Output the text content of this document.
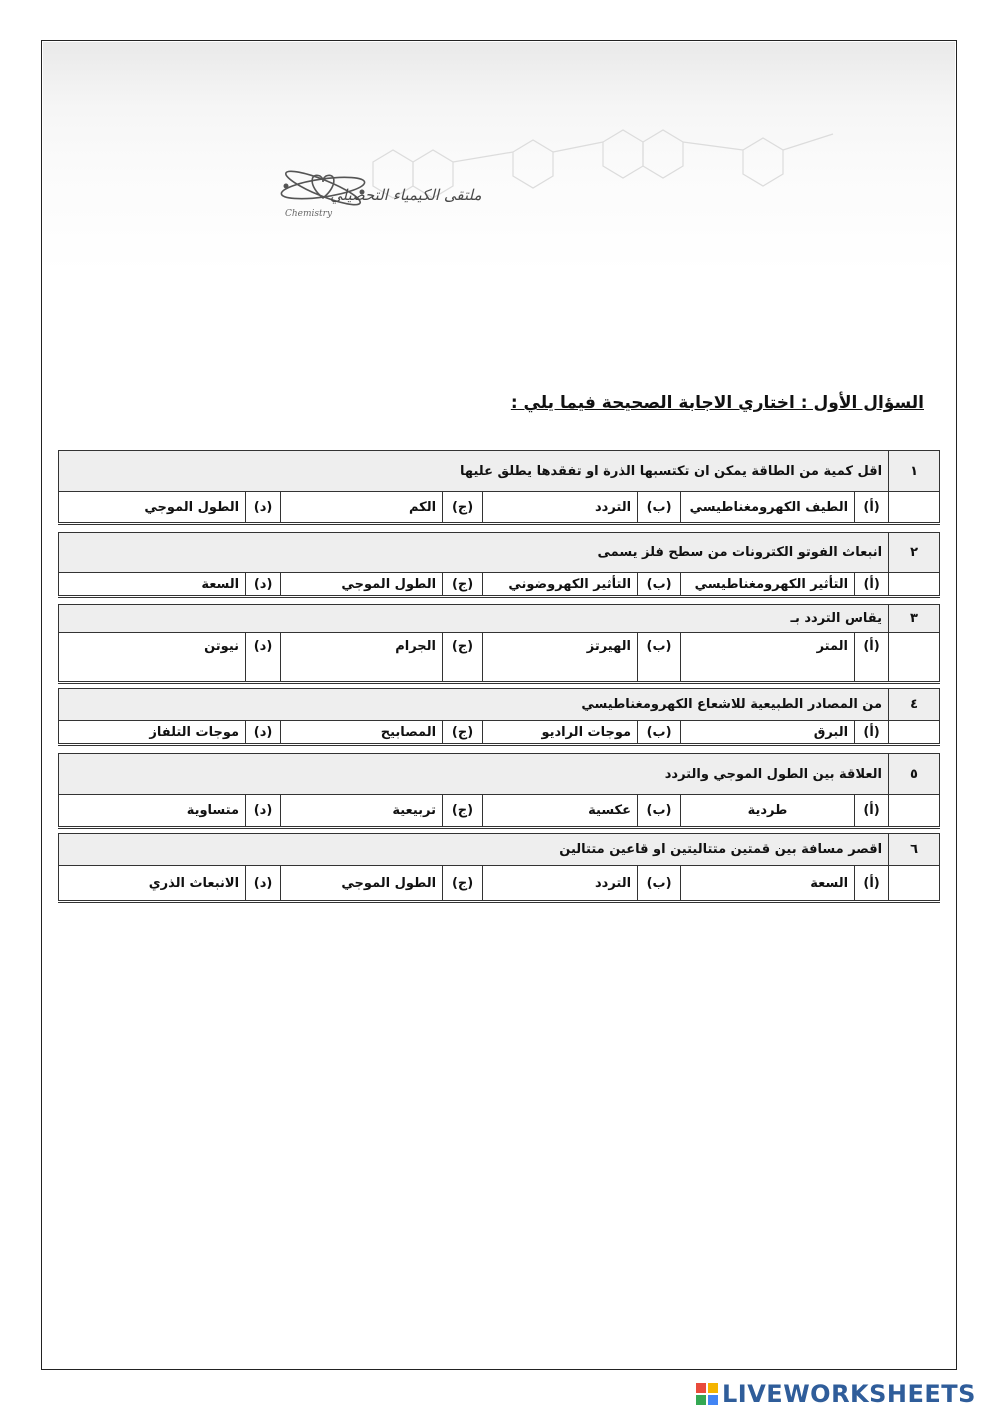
ملتقى الكيمياء التحصيلي
Chemistry
السؤال الأول : اختاري الاجابة الصحيحة فيما يلي :
١	اقل كمية من الطاقة يمكن ان تكتسبها الذرة او تفقدها يطلق عليها							
	(أ)	الطيف الكهرومغناطيسي	(ب)	التردد	(ج)	الكم	(د)	الطول الموجي
٢	انبعاث الفوتو الكترونات من سطح فلز يسمى							
	(أ)	التأثير الكهرومغناطيسي	(ب)	التأثير الكهروضوني	(ج)	الطول الموجي	(د)	السعة
٣	يقاس التردد بـ							
	(أ)	المتر	(ب)	الهيرتز	(ج)	الجرام	(د)	نيوتن
٤	من المصادر الطبيعية للاشعاع الكهرومغناطيسي							
	(أ)	البرق	(ب)	موجات الراديو	(ج)	المصابيح	(د)	موجات التلفاز
٥	العلاقة بين الطول الموجي والتردد							
	(أ)	طردية	(ب)	عكسية	(ج)	تربيعية	(د)	متساوية
٦	اقصر مسافة بين قمتين متتاليتين او قاعين متتالين							
	(أ)	السعة	(ب)	التردد	(ج)	الطول الموجي	(د)	الانبعاث الذري
LIVEWORKSHEETS
